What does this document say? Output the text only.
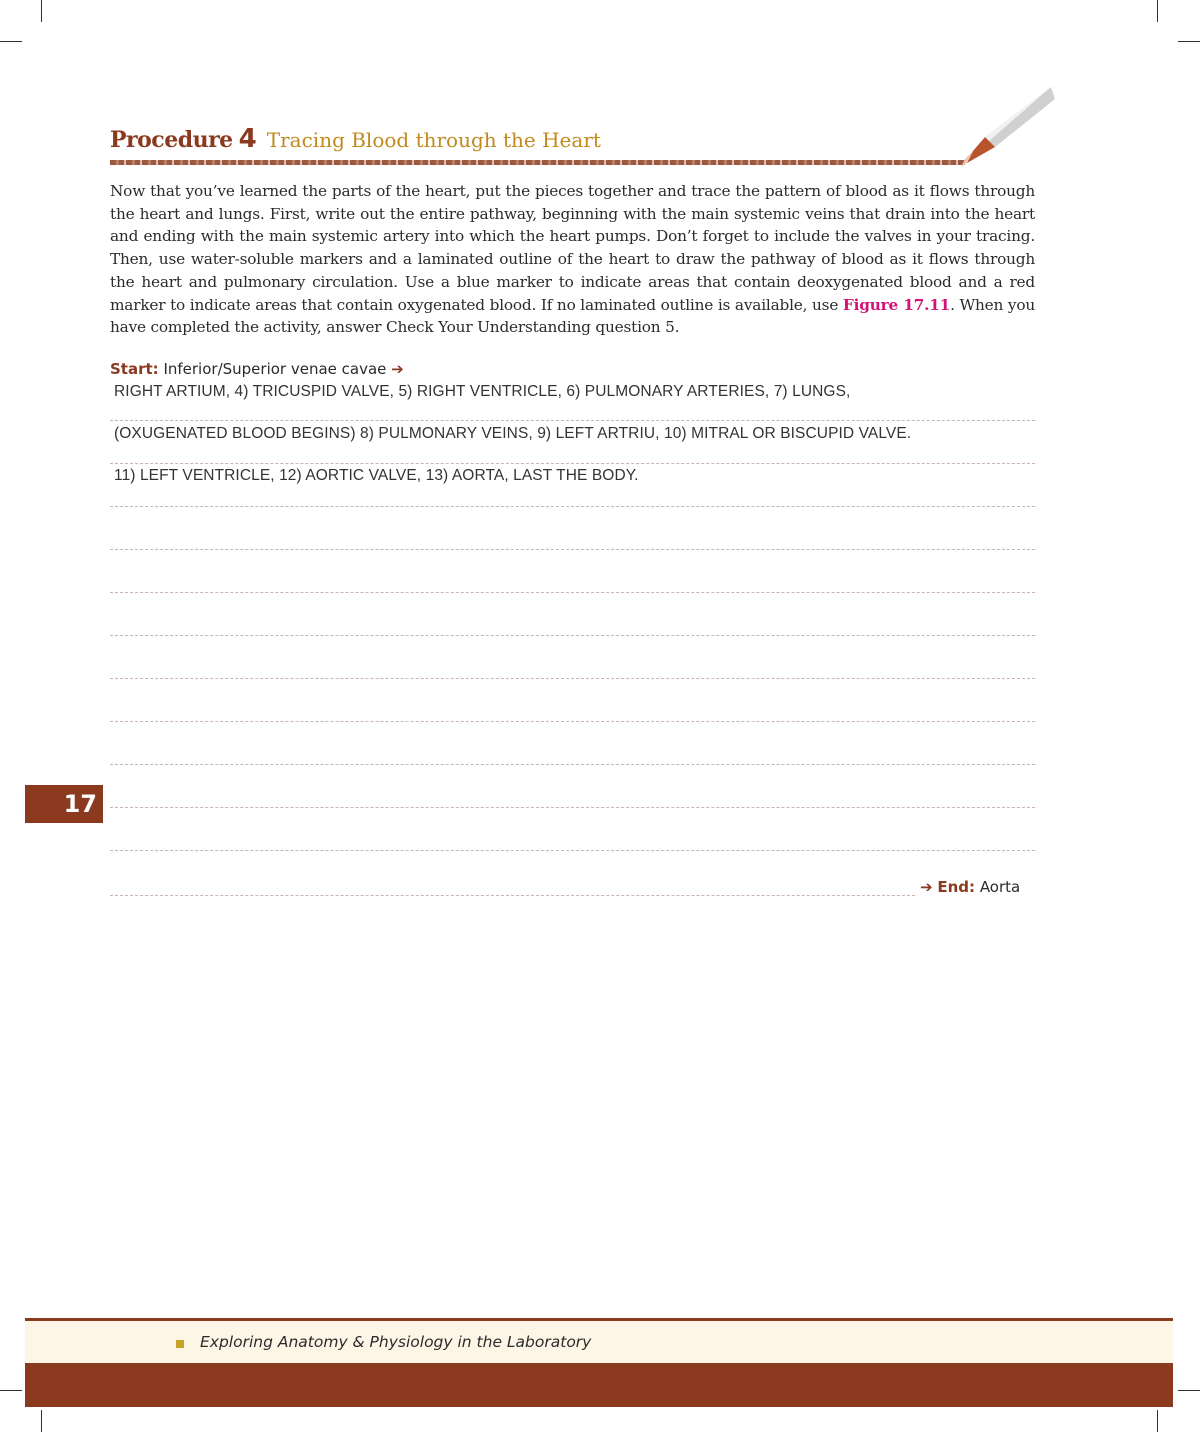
Procedure 4 Tracing Blood through the Heart

Now that you’ve learned the parts of the heart, put the pieces together and trace the pattern of blood as it flows through the heart and lungs. First, write out the entire pathway, beginning with the main systemic veins that drain into the heart and ending with the main systemic artery into which the heart pumps. Don’t forget to include the valves in your tracing. Then, use water-soluble markers and a laminated outline of the heart to draw the pathway of blood as it flows through the heart and pulmonary circulation. Use a blue marker to indicate areas that contain deoxygenated blood and a red marker to indicate areas that contain oxygenated blood. If no laminated outline is available, use Figure 17.11. When you have completed the activity, answer Check Your Understanding question 5.

Start: Inferior/Superior venae cavae ➔
RIGHT ARTIUM, 4) TRICUSPID VALVE, 5) RIGHT VENTRICLE, 6) PULMONARY ARTERIES, 7) LUNGS,
(OXUGENATED BLOOD BEGINS) 8) PULMONARY VEINS, 9) LEFT ARTRIU, 10) MITRAL OR BISCUPID VALVE.
11) LEFT VENTRICLE, 12) AORTIC VALVE, 13) AORTA, LAST THE BODY.
➔ End: Aorta
17
Exploring Anatomy & Physiology in the Laboratory
